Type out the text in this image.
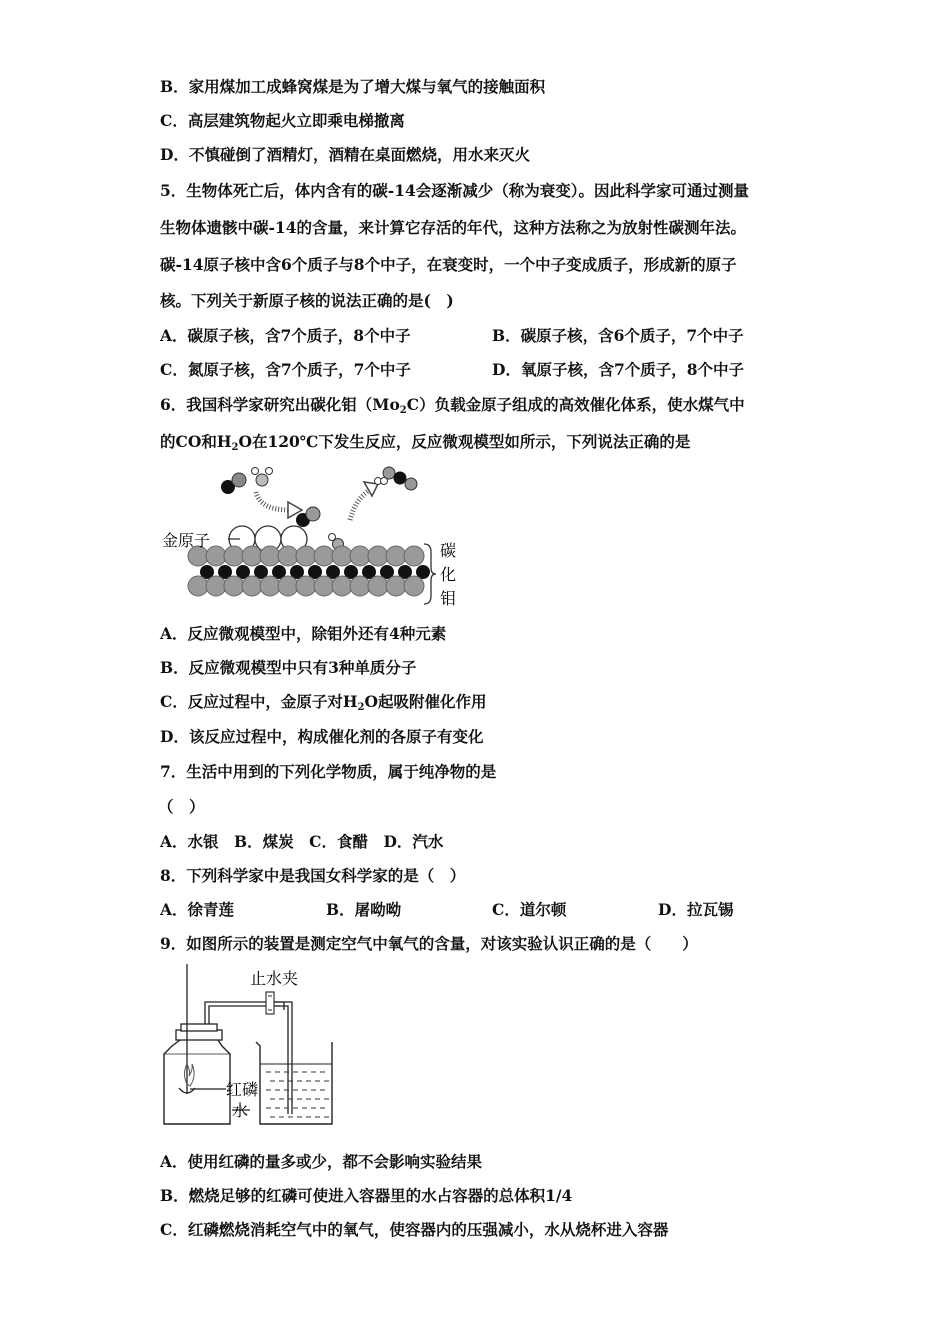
B．家用煤加工成蜂窝煤是为了增大煤与氧气的接触面积
C．高层建筑物起火立即乘电梯撤离
D．不慎碰倒了酒精灯，酒精在桌面燃烧，用水来灭火
5．生物体死亡后，体内含有的碳-14会逐渐减少（称为衰变）。因此科学家可通过测量
生物体遗骸中碳-14的含量，来计算它存活的年代，这种方法称之为放射性碳测年法。
碳-14原子核中含6个质子与8个中子，在衰变时，一个中子变成质子，形成新的原子
核。下列关于新原子核的说法正确的是(　)
A．碳原子核，含7个质子，8个中子	B．碳原子核，含6个质子，7个中子
C．氮原子核，含7个质子，7个中子	D．氧原子核，含7个质子，8个中子
6．我国科学家研究出碳化钼$(Mo_2C)$负载金原子组成的高效催化体系，使水煤气中
的CO和$H_2O$在120℃下发生反应，反应微观模型如所示，下列说法正确的是
金原子
碳
化
钼
A．反应微观模型中，除钼外还有4种元素
B．反应微观模型中只有3种单质分子
C．反应过程中，金原子对$H_2O$起吸附催化作用
D．该反应过程中，构成催化剂的各原子有变化
7．生活中用到的下列化学物质，属于纯净物的是
（　）
A．水银　B．煤炭　C．食醋　D．汽水
8．下列科学家中是我国女科学家的是（　）
A．徐青莲	B．屠呦呦	C．道尔顿	D．拉瓦锡
9．如图所示的装置是测定空气中氧气的含量，对该实验认识正确的是（　　）
止水夹
红磷
水
A．使用红磷的量多或少，都不会影响实验结果
B．燃烧足够的红磷可使进入容器里的水占容器的总体积1/4
C．红磷燃烧消耗空气中的氧气，使容器内的压强减小，水从烧杯进入容器
